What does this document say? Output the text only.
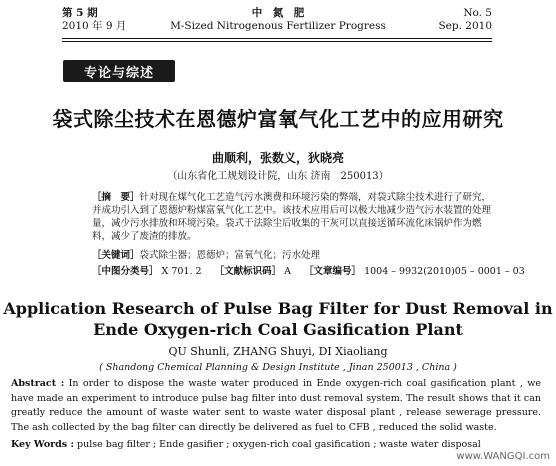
第 5 期
2010 年 9 月
中　氮　肥
M-Sized Nitrogenous Fertilizer Progress
No. 5
Sep. 2010
专论与综述
袋式除尘技术在恩德炉富氧气化工艺中的应用研究
曲顺利，张数义，狄晓亮
（山东省化工规划设计院，山东 济南　250013）
［摘　要］针对现在煤气化工艺造气污水澳费和环境污染的弊端，对袋式除尘技术进行了研究，并成功引入到了恩德炉粉煤富氧气化工艺中。该技术应用后可以极大地减少造气污水装置的处理量，减少污水排放和环境污染。袋式干法除尘后收集的干灰可以直接送循环流化床锅炉作为燃料，减少了废渣的排放。
［关键词］袋式除尘器；恩德炉；富氧气化；污水处理
［中图分类号］ X 701. 2 ［文献标识码］ A ［文章编号］ 1004 – 9932(2010)05 – 0001 – 03
Application Research of Pulse Bag Filter for Dust Removal in
Ende Oxygen-rich Coal Gasification Plant
QU Shunli, ZHANG Shuyi, DI Xiaoliang
( Shandong Chemical Planning & Design Institute , Jinan 250013 , China )
Abstract : In order to dispose the waste water produced in Ende oxygen-rich coal gasification plant , we have made an experiment to introduce pulse bag filter into dust removal system. The result shows that it can greatly reduce the amount of waste water sent to waste water disposal plant , release sewerage pressure. The ash collected by the bag filter can directly be delivered as fuel to CFB , reduced the solid waste.
Key Words : pulse bag filter ; Ende gasifier ; oxygen-rich coal gasification ; waste water disposal
www.WANGQI.com
